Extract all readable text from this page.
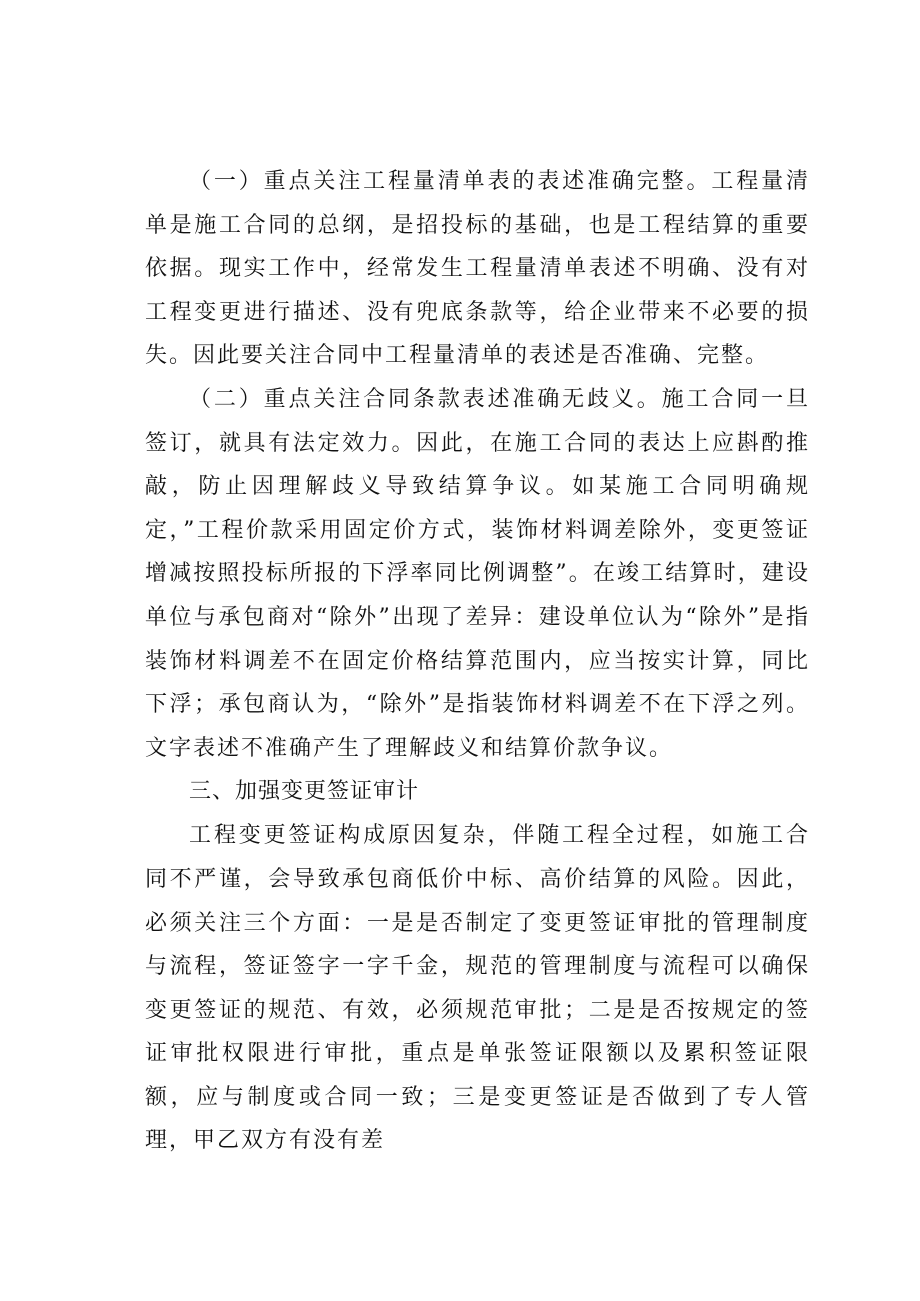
（一）重点关注工程量清单表的表述准确完整。工程量清单是施工合同的总纲，是招投标的基础，也是工程结算的重要依据。现实工作中，经常发生工程量清单表述不明确、没有对工程变更进行描述、没有兜底条款等，给企业带来不必要的损失。因此要关注合同中工程量清单的表述是否准确、完整。

（二）重点关注合同条款表述准确无歧义。施工合同一旦签订，就具有法定效力。因此，在施工合同的表达上应斟酌推敲，防止因理解歧义导致结算争议。如某施工合同明确规定，”工程价款采用固定价方式，装饰材料调差除外，变更签证增减按照投标所报的下浮率同比例调整”。在竣工结算时，建设单位与承包商对“除外”出现了差异：建设单位认为“除外”是指装饰材料调差不在固定价格结算范围内，应当按实计算，同比下浮；承包商认为，“除外”是指装饰材料调差不在下浮之列。文字表述不准确产生了理解歧义和结算价款争议。

三、加强变更签证审计

工程变更签证构成原因复杂，伴随工程全过程，如施工合同不严谨，会导致承包商低价中标、高价结算的风险。因此，必须关注三个方面：一是是否制定了变更签证审批的管理制度与流程，签证签字一字千金，规范的管理制度与流程可以确保变更签证的规范、有效，必须规范审批；二是是否按规定的签证审批权限进行审批，重点是单张签证限额以及累积签证限额，应与制度或合同一致；三是变更签证是否做到了专人管理，甲乙双方有没有差
